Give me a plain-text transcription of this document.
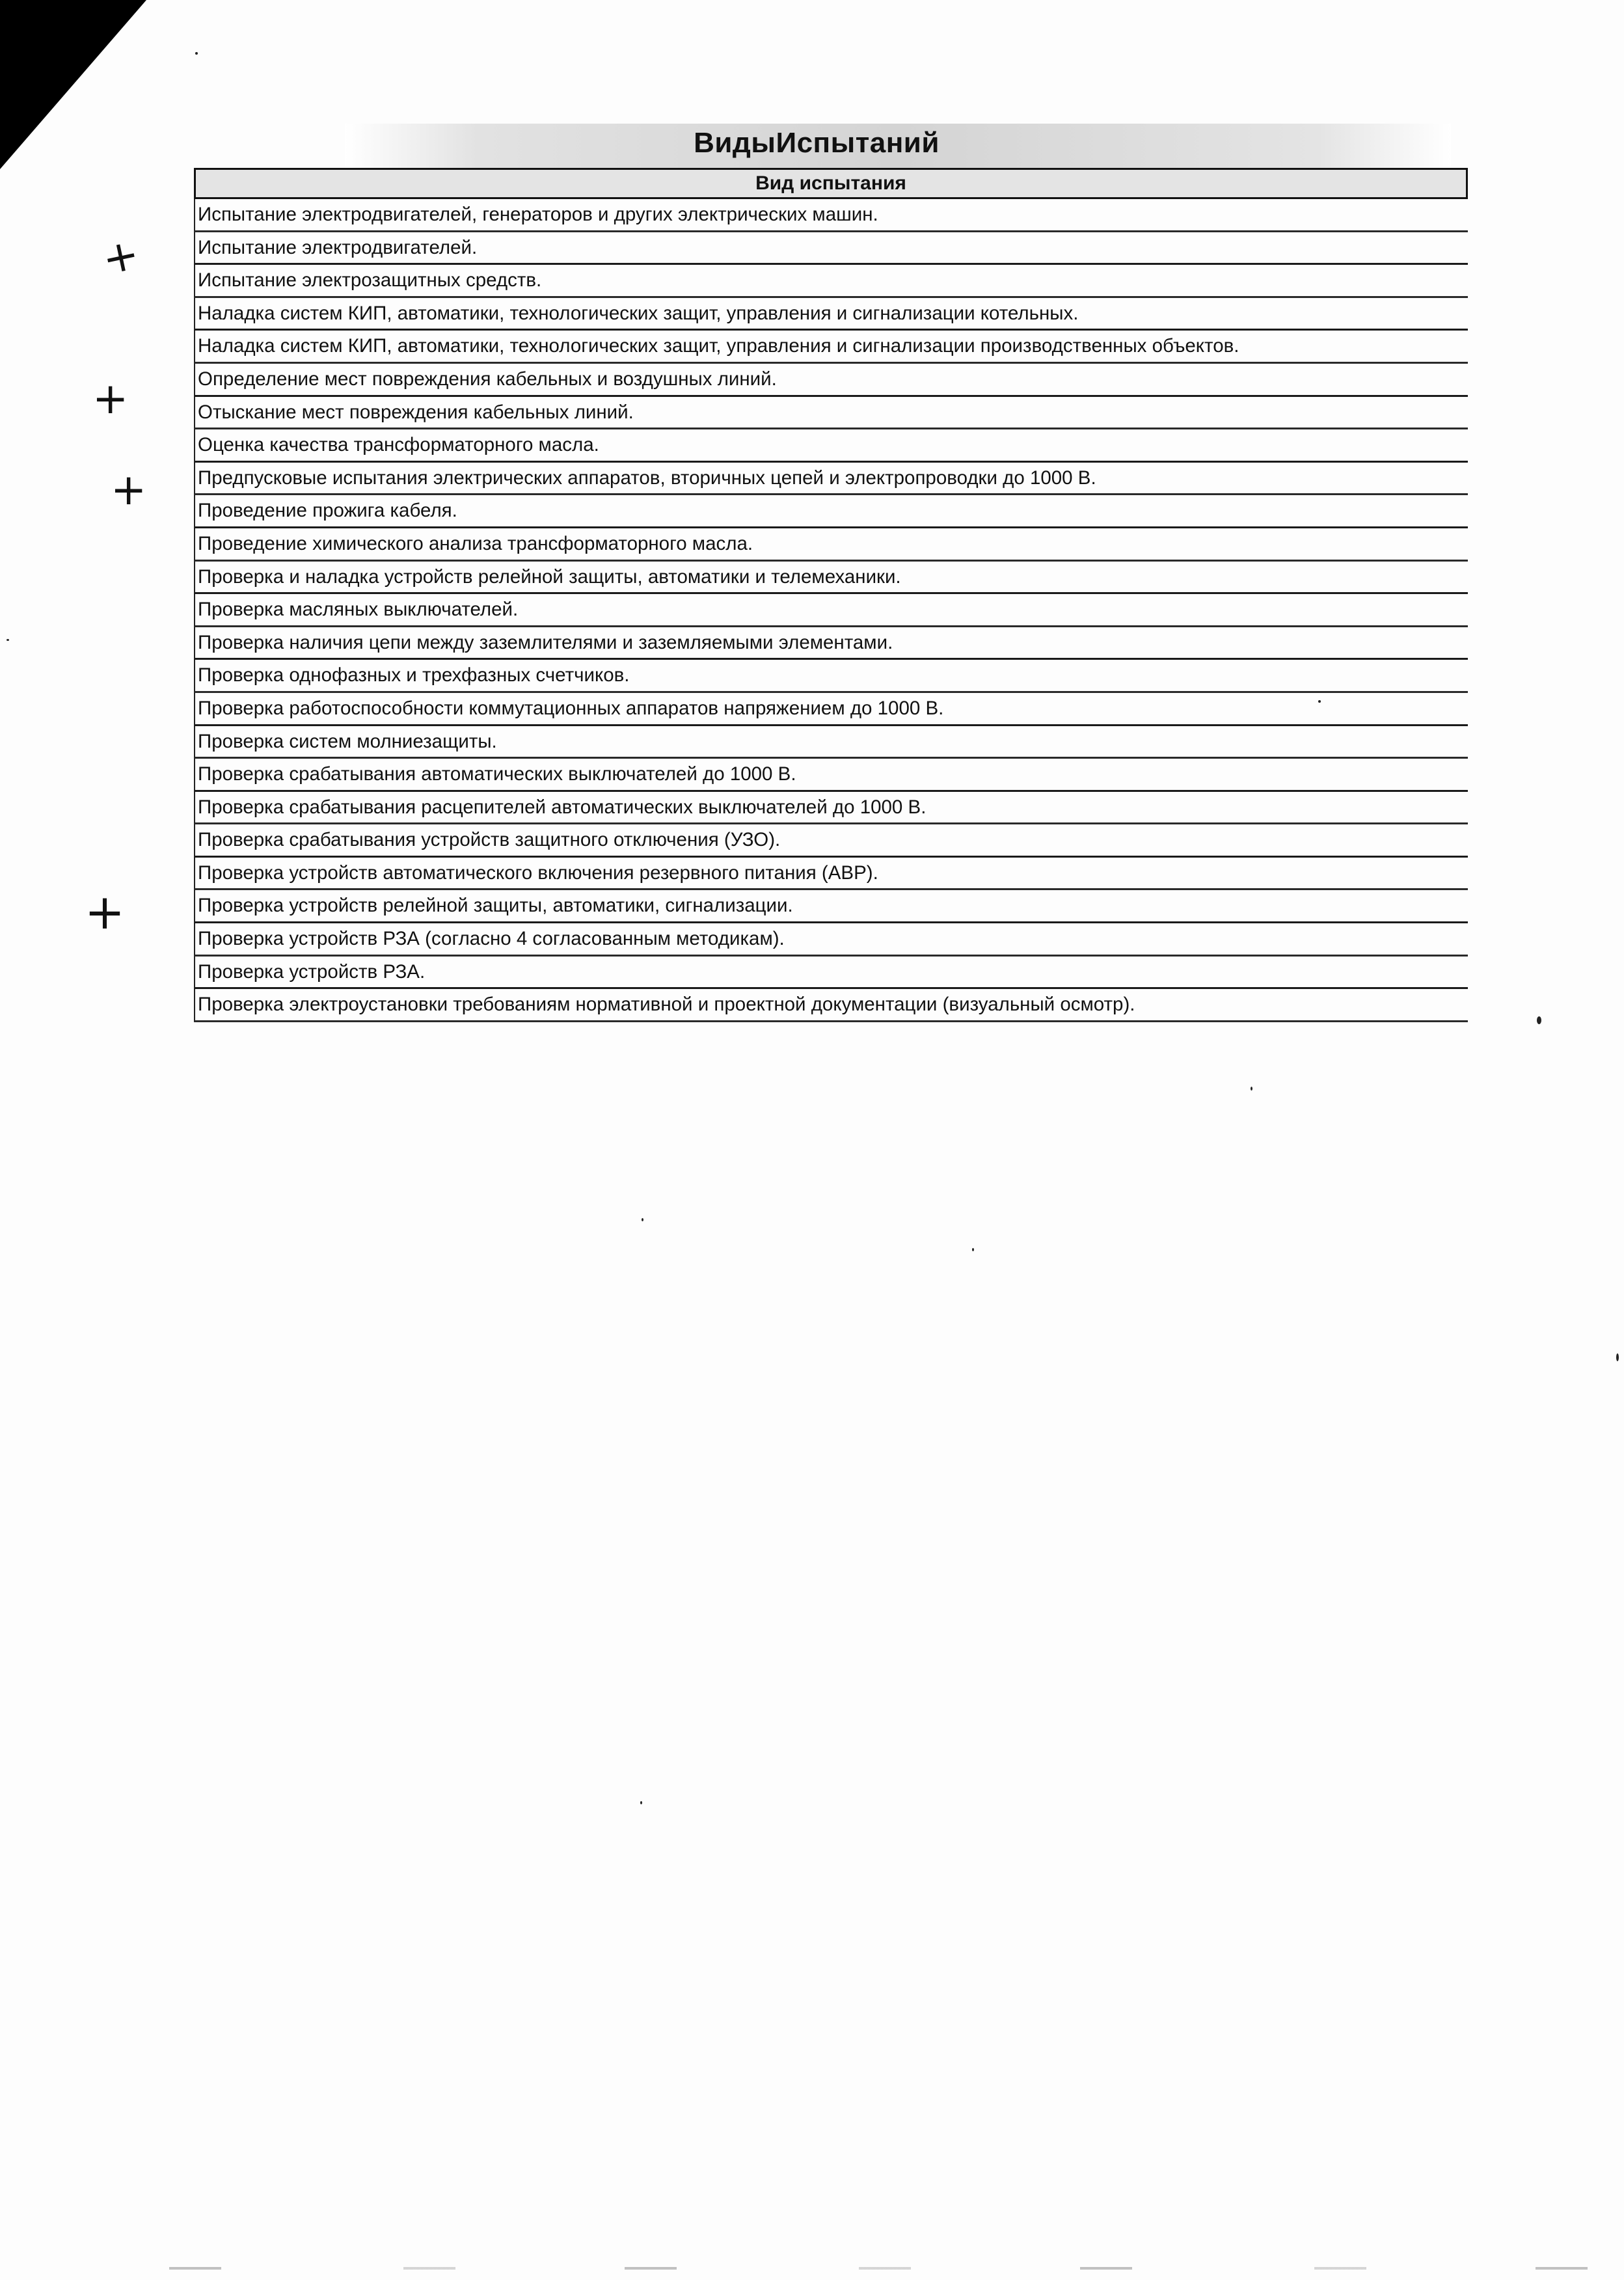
ВидыИспытаний
Вид испытания
Испытание электродвигателей, генераторов и других электрических машин.
Испытание электродвигателей.
Испытание электрозащитных средств.
Наладка систем КИП, автоматики, технологических защит, управления и сигнализации котельных.
Наладка систем КИП, автоматики, технологических защит, управления и сигнализации производственных объектов.
Определение мест повреждения кабельных и воздушных линий.
Отыскание мест повреждения кабельных линий.
Оценка качества трансформаторного масла.
Предпусковые испытания электрических аппаратов, вторичных цепей и электропроводки до 1000 В.
Проведение прожига кабеля.
Проведение химического анализа трансформаторного масла.
Проверка и наладка устройств релейной защиты, автоматики и телемеханики.
Проверка масляных выключателей.
Проверка наличия цепи между заземлителями и заземляемыми элементами.
Проверка однофазных и трехфазных счетчиков.
Проверка работоспособности коммутационных аппаратов напряжением до 1000 В.
Проверка систем молниезащиты.
Проверка срабатывания автоматических выключателей до 1000 В.
Проверка срабатывания расцепителей автоматических выключателей до 1000 В.
Проверка срабатывания устройств защитного отключения (УЗО).
Проверка устройств автоматического включения резервного питания (АВР).
Проверка устройств релейной защиты, автоматики, сигнализации.
Проверка устройств РЗА (согласно 4 согласованным методикам).
Проверка устройств РЗА.
Проверка электроустановки требованиям нормативной и проектной документации (визуальный осмотр).
+
+
+
+
